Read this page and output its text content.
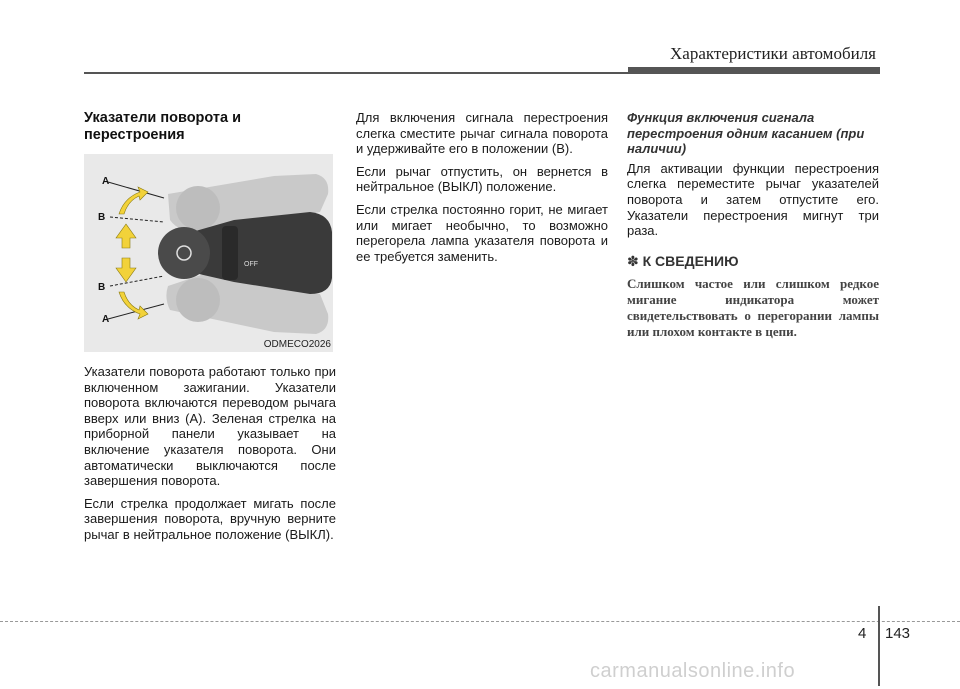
Характеристики автомобиля
Указатели поворота и перестроения
OFF
A
B
B
A
ODMECO2026

Указатели поворота работают только при включенном зажигании. Указатели поворота включаются переводом рычага вверх или вниз (A). Зеленая стрелка на приборной панели указывает на включение указателя поворота. Они автоматически выключаются после завершения поворота.

Если стрелка продолжает мигать после завершения поворота, вручную верните рычаг в нейтральное положение (ВЫКЛ).

Для включения сигнала перестроения слегка сместите рычаг сигнала поворота и удерживайте его в положении (B).

Если рычаг отпустить, он вернется в нейтральное (ВЫКЛ) положение.

Если стрелка постоянно горит, не мигает или мигает необычно, то возможно перегорела лампа указателя поворота и ее требуется заменить.

Функция включения сигнала перестроения одним касанием (при наличии)

Для активации функции перестроения слегка переместите рычаг указателей поворота и затем отпустите его. Указатели перестроения мигнут три раза.

✽ К СВЕДЕНИЮ

Слишком частое или слишком редкое мигание индикатора может свидетельствовать о перегорании лампы или плохом контакте в цепи.

4 143
carmanualsonline.info
